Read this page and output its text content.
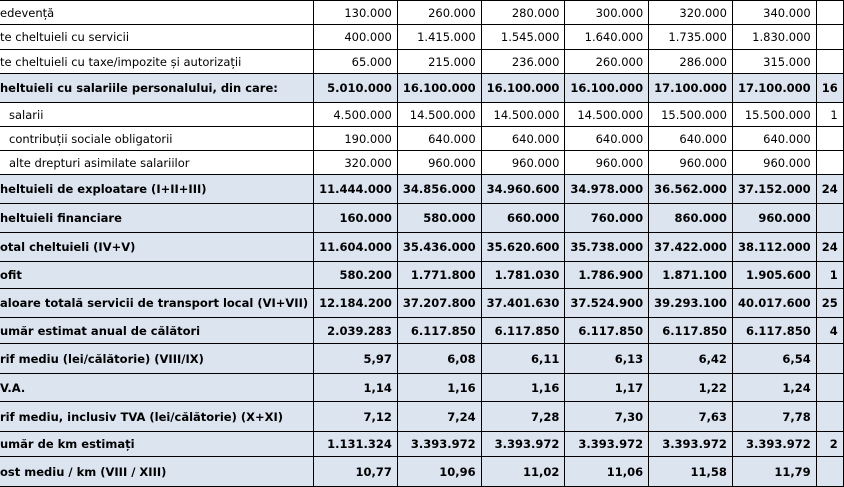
edevență	130.000	260.000	280.000	300.000	320.000	340.000	
te cheltuieli cu servicii	400.000	1.415.000	1.545.000	1.640.000	1.735.000	1.830.000	
te cheltuieli cu taxe/impozite și autorizații	65.000	215.000	236.000	260.000	286.000	315.000	
heltuieli cu salariile personalului, din care:	5.010.000	16.100.000	16.100.000	16.100.000	17.100.000	17.100.000	16
salarii	4.500.000	14.500.000	14.500.000	14.500.000	15.500.000	15.500.000	1
contribuții sociale obligatorii	190.000	640.000	640.000	640.000	640.000	640.000	
alte drepturi asimilate salariilor	320.000	960.000	960.000	960.000	960.000	960.000	
heltuieli de exploatare (I+II+III)	11.444.000	34.856.000	34.960.600	34.978.000	36.562.000	37.152.000	24
heltuieli financiare	160.000	580.000	660.000	760.000	860.000	960.000	
otal cheltuieli (IV+V)	11.604.000	35.436.000	35.620.600	35.738.000	37.422.000	38.112.000	24
ofit	580.200	1.771.800	1.781.030	1.786.900	1.871.100	1.905.600	1
aloare totală servicii de transport local (VI+VII)	12.184.200	37.207.800	37.401.630	37.524.900	39.293.100	40.017.600	25
umăr estimat anual de călători	2.039.283	6.117.850	6.117.850	6.117.850	6.117.850	6.117.850	4
rif mediu (lei/călătorie) (VIII/IX)	5,97	6,08	6,11	6,13	6,42	6,54	
V.A.	1,14	1,16	1,16	1,17	1,22	1,24	
rif mediu, inclusiv TVA (lei/călătorie) (X+XI)	7,12	7,24	7,28	7,30	7,63	7,78	
umăr de km estimați	1.131.324	3.393.972	3.393.972	3.393.972	3.393.972	3.393.972	2
ost mediu / km (VIII / XIII)	10,77	10,96	11,02	11,06	11,58	11,79	
